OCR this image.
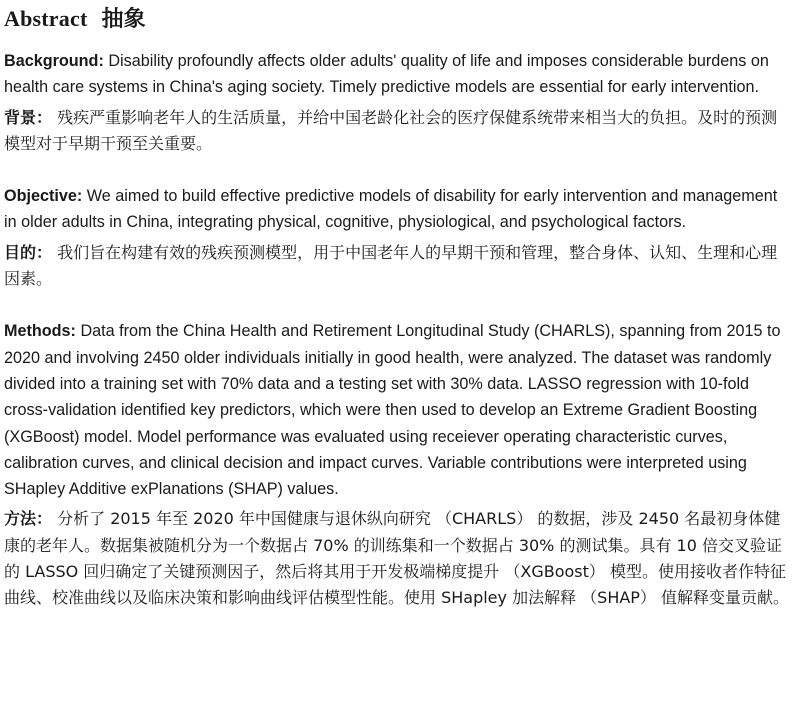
Abstract 抽象

Background: Disability profoundly affects older adults' quality of life and imposes considerable burdens on health care systems in China's aging society. Timely predictive models are essential for early intervention.

背景： 残疾严重影响老年人的生活质量，并给中国老龄化社会的医疗保健系统带来相当大的负担。及时的预测模型对于早期干预至关重要。

Objective: We aimed to build effective predictive models of disability for early intervention and management in older adults in China, integrating physical, cognitive, physiological, and psychological factors.

目的： 我们旨在构建有效的残疾预测模型，用于中国老年人的早期干预和管理，整合身体、认知、生理和心理因素。

Methods: Data from the China Health and Retirement Longitudinal Study (CHARLS), spanning from 2015 to 2020 and involving 2450 older individuals initially in good health, were analyzed. The dataset was randomly divided into a training set with 70% data and a testing set with 30% data. LASSO regression with 10-fold cross-validation identified key predictors, which were then used to develop an Extreme Gradient Boosting (XGBoost) model. Model performance was evaluated using receiever operating characteristic curves, calibration curves, and clinical decision and impact curves. Variable contributions were interpreted using SHapley Additive exPlanations (SHAP) values.

方法： 分析了 2015 年至 2020 年中国健康与退休纵向研究 （CHARLS） 的数据，涉及 2450 名最初身体健康的老年人。数据集被随机分为一个数据占 70% 的训练集和一个数据占 30% 的测试集。具有 10 倍交叉验证的 LASSO 回归确定了关键预测因子，然后将其用于开发极端梯度提升 （XGBoost） 模型。使用接收者作特征曲线、校准曲线以及临床决策和影响曲线评估模型性能。使用 SHapley 加法解释 （SHAP） 值解释变量贡献。
